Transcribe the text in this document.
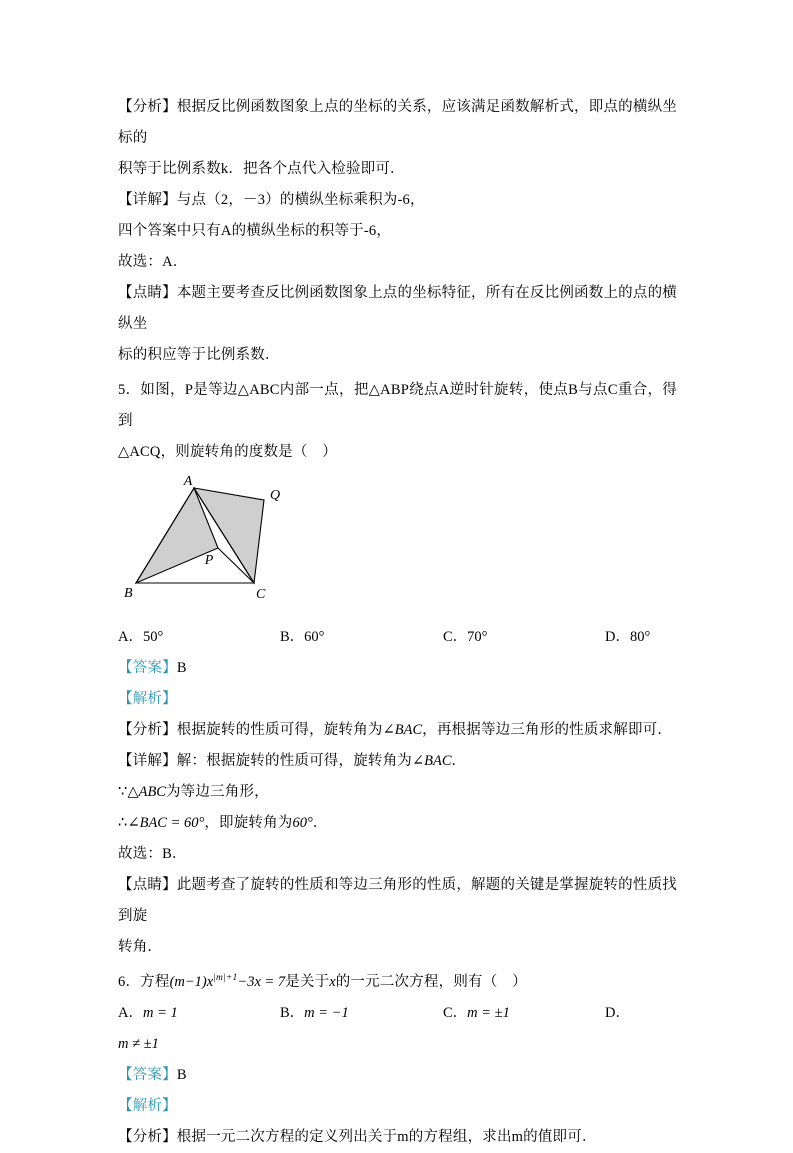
【分析】根据反比例函数图象上点的坐标的关系，应该满足函数解析式，即点的横纵坐标的

积等于比例系数k．把各个点代入检验即可．

【详解】与点（2，－3）的横纵坐标乘积为-6，

四个答案中只有A的横纵坐标的积等于-6，

故选：A．

【点睛】本题主要考查反比例函数图象上点的坐标特征，所有在反比例函数上的点的横纵坐

标的积应等于比例系数．

5．如图，P是等边△ABC内部一点，把△ABP绕点A逆时针旋转，使点B与点C重合，得到

△ACQ，则旋转角的度数是（　）

A
Q
P
B	C
A．50°	B．60°	C．70°	D．80°

【答案】B

【解析】

【分析】根据旋转的性质可得，旋转角为∠BAC，再根据等边三角形的性质求解即可．

【详解】解：根据旋转的性质可得，旋转角为∠BAC．

∵△ABC为等边三角形，

∴∠BAC = 60°，即旋转角为60°．

故选：B．

【点睛】此题考查了旋转的性质和等边三角形的性质，解题的关键是掌握旋转的性质找到旋

转角．

6．方程$(m-1)x^{|m|+1}-3x = 7$是关于x的一元二次方程，则有（　）

A．m = 1	B．m = −1	C．m = ±1	D．

m ≠ ±1

【答案】B

【解析】

【分析】根据一元二次方程的定义列出关于m的方程组，求出m的值即可．
